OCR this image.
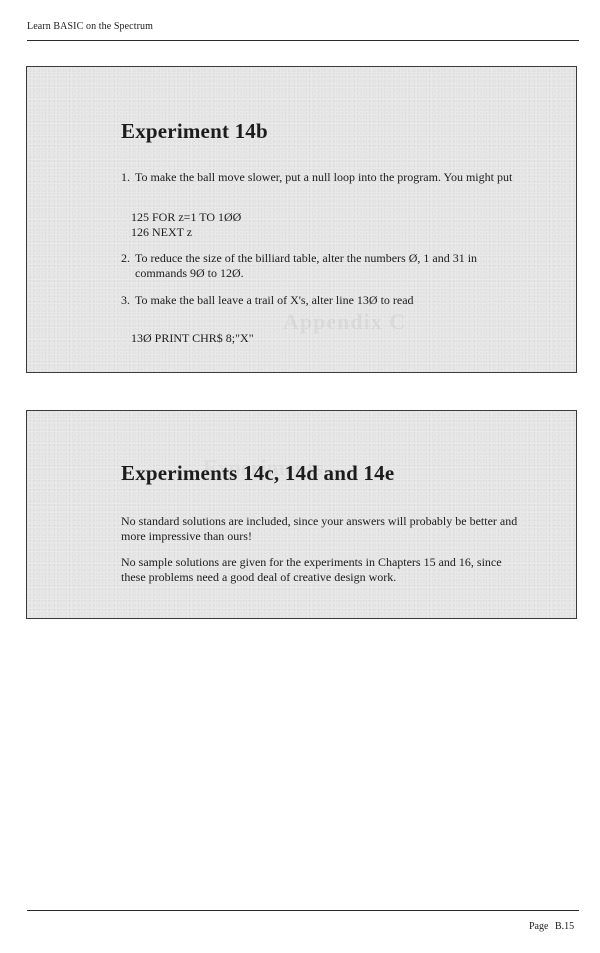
Learn BASIC on the Spectrum
Appendix C
Experiment 14b
1. To make the ball move slower, put a null loop into the program. You might put
125 FOR z=1 TO 1ØØ
126 NEXT z
2. To reduce the size of the billiard table, alter the numbers Ø, 1 and 31 in commands 9Ø to 12Ø.
3. To make the ball leave a trail of X's, alter line 13Ø to read
13Ø PRINT CHR$ 8;"X"
Experiments 14c, 14d and 14e

No standard solutions are included, since your answers will probably be better and more impressive than ours!

No sample solutions are given for the experiments in Chapters 15 and 16, since these problems need a good deal of creative design work.

Page B.15
